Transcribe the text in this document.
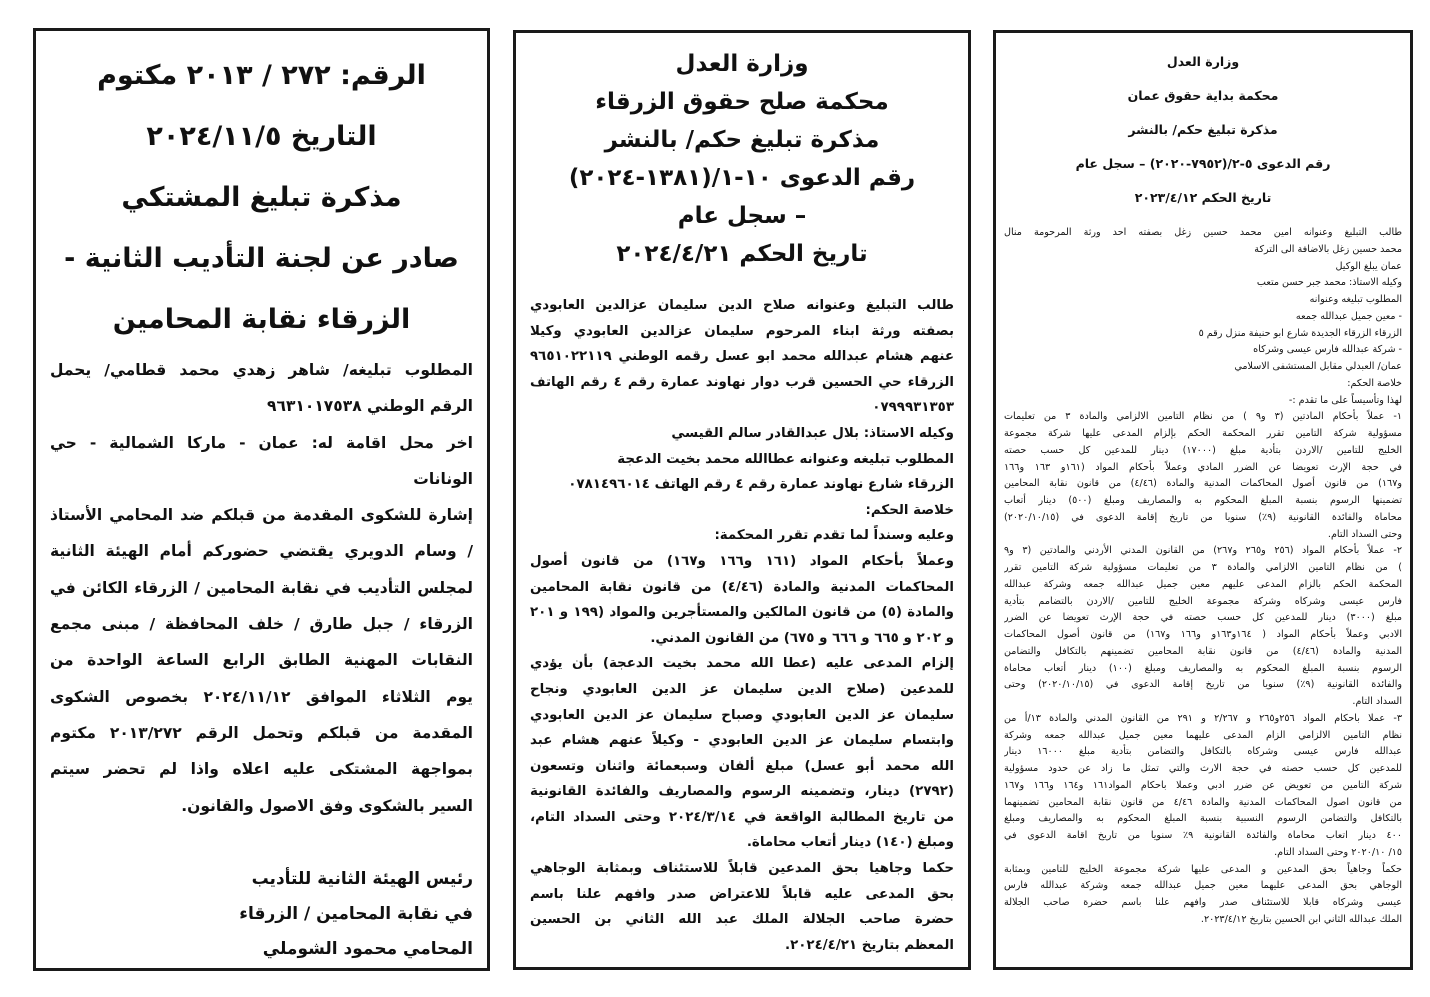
الرقم: ٢٧٢ / ٢٠١٣ مكتوم
التاريخ ٢٠٢٤/١١/٥
مذكرة تبليغ المشتكي
صادر عن لجنة التأديب الثانية -
الزرقاء نقابة المحامين
المطلوب تبليغه/ شاهر زهدي محمد قطامي/ يحمل
الرقم الوطني ٩٦٣١٠١٧٥٣٨
اخر محل اقامة له: عمان - ماركا الشمالية - حي
الونانات
إشارة للشكوى المقدمة من قبلكم ضد المحامي الأستاذ
/ وسام الدويري يقتضي حضوركم أمام الهيئة الثانية
لمجلس التأديب في نقابة المحامين / الزرقاء الكائن في
الزرقاء / جبل طارق / خلف المحافظة / مبنى مجمع
النقابات المهنية الطابق الرابع الساعة الواحدة من
يوم الثلاثاء الموافق ٢٠٢٤/١١/١٢ بخصوص الشكوى
المقدمة من قبلكم وتحمل الرقم ٢٠١٣/٢٧٢ مكتوم
بمواجهة المشتكى عليه اعلاه واذا لم تحضر سيتم
السير بالشكوى وفق الاصول والقانون.
رئيس الهيئة الثانية للتأديب
في نقابة المحامين / الزرقاء
المحامي محمود الشوملي
وزارة العدل
محكمة صلح حقوق الزرقاء
مذكرة تبليغ حكم/ بالنشر
رقم الدعوى ١٠-١/(١٣٨١-٢٠٢٤)
– سجل عام
تاريخ الحكم ٢٠٢٤/٤/٢١
طالب التبليغ وعنوانه صلاح الدين سليمان عزالدين العابودي
بصفته ورثة ابناء المرحوم سليمان عزالدين العابودي وكيلا
عنهم هشام عبدالله محمد ابو عسل رقمه الوطني ٩٦٥١٠٢٢١١٩
الزرقاء حي الحسين قرب دوار نهاوند عمارة رقم ٤ رقم الهاتف
٠٧٩٩٩٣١٣٥٣
وكيله الاستاذ: بلال عبدالقادر سالم القيسي
المطلوب تبليغه وعنوانه عطاالله محمد بخيت الدعجة
الزرقاء شارع نهاوند عمارة رقم ٤ رقم الهاتف ٠٧٨١٤٩٦٠١٤
خلاصة الحكم:
وعليه وسنداً لما تقدم تقرر المحكمة:
وعملاً بأحكام المواد (١٦١ و١٦٦ و١٦٧) من قانون أصول
المحاكمات المدنية والمادة (٤/٤٦) من قانون نقابة المحامين
والمادة (٥) من قانون المالكين والمستأجرين والمواد (١٩٩ و ٢٠١
و ٢٠٢ و ٦٦٥ و ٦٦٦ و ٦٧٥) من القانون المدني.
إلزام المدعى عليه (عطا الله محمد بخيت الدعجة) بأن يؤدي
للمدعين (صلاح الدين سليمان عز الدين العابودي ونجاح
سليمان عز الدين العابودي وصباح سليمان عز الدين العابودي
وابتسام سليمان عز الدين العابودي - وكيلاً عنهم هشام عبد
الله محمد أبو عسل) مبلغ ألفان وسبعمائة واثنان وتسعون
(٢٧٩٢) دينار، وتضمينه الرسوم والمصاريف والفائدة القانونية
من تاريخ المطالبة الواقعة في ٢٠٢٤/٣/١٤ وحتى السداد التام،
ومبلغ (١٤٠) دينار أتعاب محاماة.
حكما وجاهيا بحق المدعين قابلاً للاستئناف وبمثابة الوجاهي
بحق المدعى عليه قابلاً للاعتراض صدر وافهم علنا باسم
حضرة صاحب الجلالة الملك عبد الله الثاني بن الحسين
المعظم بتاريخ ٢٠٢٤/٤/٢١.
وزارة العدل
محكمة بداية حقوق عمان
مذكرة تبليغ حكم/ بالنشر
رقم الدعوى ٥-٢/(٧٩٥٢-٢٠٢٠) – سجل عام
تاريخ الحكم ٢٠٢٣/٤/١٢
طالب التبليغ وعنوانه امين محمد حسين زغل بصفته احد ورثة المرحومة منال
محمد حسين زغل بالاضافة الى التركة
عمان يبلغ الوكيل
وكيله الاستاذ: محمد جبر حسن متعب
المطلوب تبليغه وعنوانه
- معين جميل عبدالله جمعه
الزرقاء الزرقاء الجديدة شارع ابو حنيفة منزل رقم ٥
- شركة عبدالله فارس عيسى وشركاه
عمان/ العبدلي مقابل المستشفى الاسلامي
خلاصة الحكم:
لهذا وتأسيساً على ما تقدم :-
١- عملاً بأحكام المادتين (٣ و٩ ) من نظام التامين الالزامي والمادة ٣ من تعليمات
مسؤولية شركة التامين تقرر المحكمة الحكم بإلزام المدعى عليها شركة مجموعة
الخليج للتامين /الاردن بتأدية مبلغ (١٧٠٠٠) دينار للمدعين كل حسب حصته
في حجة الإرث تعويضا عن الضرر المادي وعملاً بأحكام المواد (١٦١و ١٦٣ و١٦٦
و١٦٧) من قانون أصول المحاكمات المدنية والمادة (٤/٤٦) من قانون نقابة المحامين
تضمينها الرسوم بنسبة المبلغ المحكوم به والمصاريف ومبلغ (٥٠٠) دينار أتعاب
محاماة والفائدة القانونية (٩٪) سنويا من تاريخ إقامة الدعوى في (٢٠٢٠/١٠/١٥)
وحتى السداد التام.
٢- عملاً بأحكام المواد (٢٥٦ و٢٦٥ و٢٦٧) من القانون المدني الأردني والمادتين (٣ و٩
) من نظام التامين الالزامي والمادة ٣ من تعليمات مسؤولية شركة التامين تقرر
المحكمة الحكم بالزام المدعى عليهم معين جميل عبدالله جمعه وشركة عبدالله
فارس عيسى وشركاه وشركة مجموعة الخليج للتامين /الاردن بالتضامم بتأدية
مبلغ (٣٠٠٠) دينار للمدعين كل حسب حصته في حجة الإرث تعويضا عن الضرر
الادبي وعملاً بأحكام المواد ( ١٦٤و١٦٣و و١٦٦ و١٦٧) من قانون أصول المحاكمات
المدنية والمادة (٤/٤٦) من قانون نقابة المحامين تضمينهم بالتكافل والتضامن
الرسوم بنسبة المبلغ المحكوم به والمصاريف ومبلغ (١٠٠) دينار أتعاب محاماة
والفائدة القانونية (٩٪) سنويا من تاريخ إقامة الدعوى في (٢٠٢٠/١٠/١٥) وحتى
السداد التام.
٣- عملا باحكام المواد ٢٥٦و٢٦٥ و ٢/٢٦٧ و ٢٩١ من القانون المدني والمادة ١٣/أ من
نظام التامين الالزامي الزام المدعى عليهما معين جميل عبدالله جمعه وشركة
عبدالله فارس عيسى وشركاه بالتكافل والتضامن بتأدية مبلغ ١٦٠٠٠ دينار
للمدعين كل حسب حصته في حجة الارث والتي تمثل ما زاد عن حدود مسؤولية
شركة التامين من تعويض عن ضرر ادبي وعملا باحكام المواد١٦١ و١٦٤ و١٦٦ و١٦٧
من قانون اصول المحاكمات المدنية والمادة ٤/٤٦ من قانون نقابة المحامين تضمينهما
بالتكافل والتضامن الرسوم النسبية بنسبة المبلغ المحكوم به والمصاريف ومبلغ
٤٠٠ دينار اتعاب محاماة والفائدة القانونية ٩٪ سنويا من تاريخ اقامة الدعوى في
١٥/ ٢٠٢٠/١٠ وحتى السداد التام.
حكماً وجاهياً بحق المدعين و المدعى عليها شركة مجموعة الخليج للتامين وبمثابة
الوجاهي بحق المدعى عليهما معين جميل عبدالله جمعه وشركة عبدالله فارس
عيسى وشركاه قابلا للاستئناف صدر وافهم علنا باسم حضرة صاحب الجلالة
الملك عبدالله الثاني ابن الحسين بتاريخ ٢٠٢٣/٤/١٢.
